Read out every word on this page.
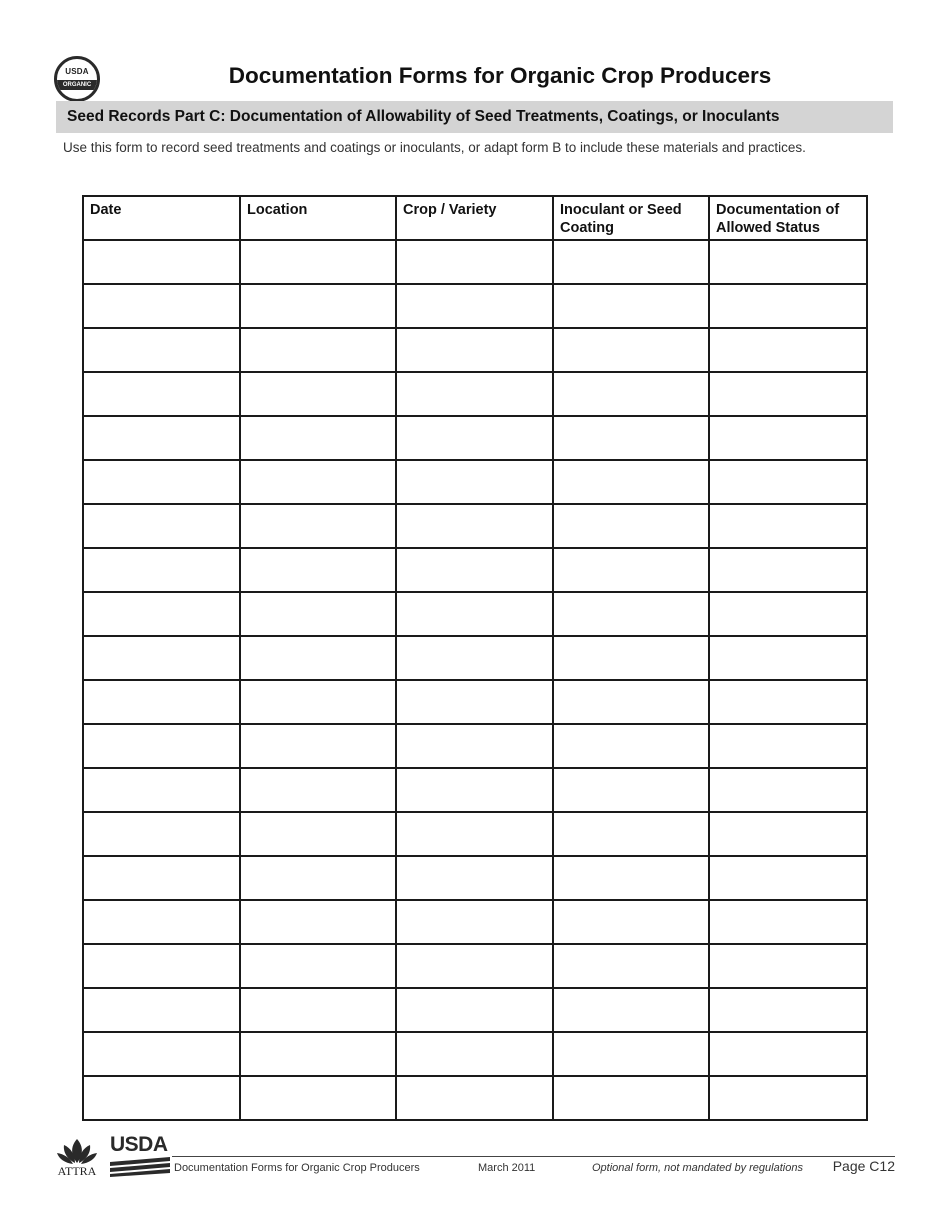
USDA
ORGANIC	Documentation Forms for Organic Crop Producers
Seed Records Part C: Documentation of Allowability of Seed Treatments, Coatings, or Inoculants

Use this form to record seed treatments and coatings or inoculants, or adapt form B to include these materials and practices.

Date	Location	Crop / Variety	Inoculant or Seed Coating	Documentation of Allowed Status

ATTRA
USDA
Documentation Forms for Organic Crop Producers	March 2011	Optional form, not mandated by regulations Page C12
